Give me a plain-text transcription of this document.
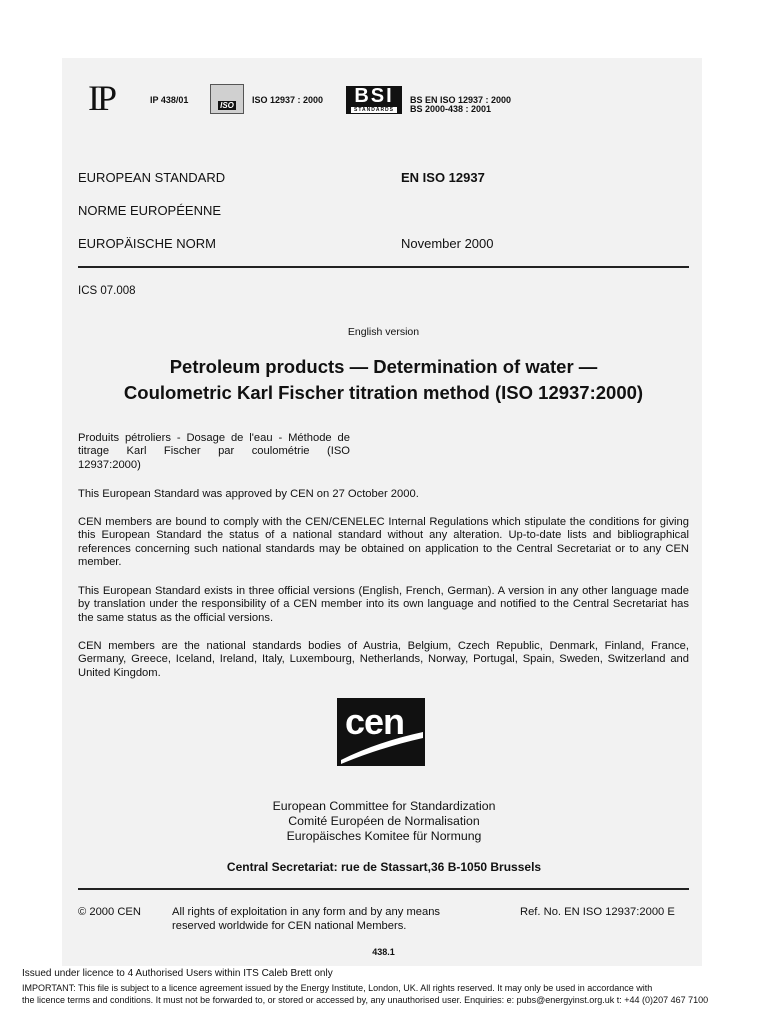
IP	IP 438/01
ISO
ISO 12937 : 2000 BSI
STANDARDS
BS EN ISO 12937 : 2000
BS 2000-438 : 2001
EUROPEAN STANDARD
NORME EUROPÉENNE
EUROPÄISCHE NORM
EN ISO 12937
November 2000
ICS 07.008
English version
Petroleum products — Determination of water —
Coulometric Karl Fischer titration method (ISO 12937:2000)
Produits pétroliers - Dosage de l'eau - Méthode de
titrage Karl Fischer par coulométrie (ISO
12937:2000)
This European Standard was approved by CEN on 27 October 2000.
CEN members are bound to comply with the CEN/CENELEC Internal Regulations which stipulate the conditions for giving this European Standard the status of a national standard without any alteration. Up-to-date lists and bibliographical references concerning such national standards may be obtained on application to the Central Secretariat or to any CEN member.
This European Standard exists in three official versions (English, French, German). A version in any other language made by translation under the responsibility of a CEN member into its own language and notified to the Central Secretariat has the same status as the official versions.
CEN members are the national standards bodies of Austria, Belgium, Czech Republic, Denmark, Finland, France, Germany, Greece, Iceland, Ireland, Italy, Luxembourg, Netherlands, Norway, Portugal, Spain, Sweden, Switzerland and United Kingdom.
cen
European Committee for Standardization
Comité Européen de Normalisation
Europäisches Komitee für Normung
Central Secretariat: rue de Stassart,36 B-1050 Brussels
© 2000 CEN	All rights of exploitation in any form and by any means
reserved worldwide for CEN national Members.
Ref. No. EN ISO 12937:2000 E
438.1
Issued under licence to 4 Authorised Users within ITS Caleb Brett only
IMPORTANT: This file is subject to a licence agreement issued by the Energy Institute, London, UK. All rights reserved. It may only be used in accordance with
the licence terms and conditions. It must not be forwarded to, or stored or accessed by, any unauthorised user. Enquiries: e: pubs@energyinst.org.uk t: +44 (0)207 467 7100
